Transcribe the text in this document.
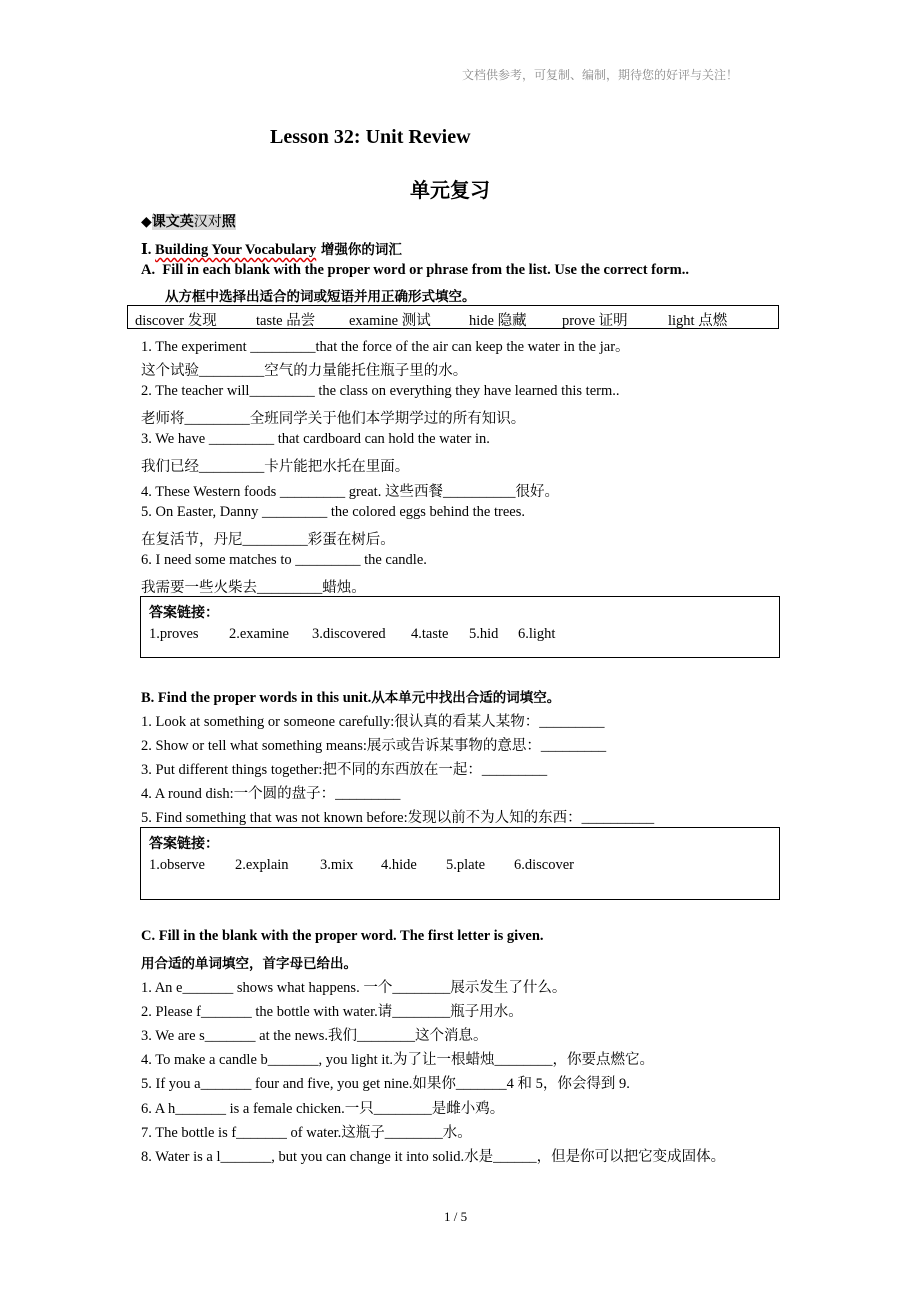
文档供参考，可复制、编制，期待您的好评与关注！
Lesson 32: Unit Review
单元复习
◆课文英汉对照
Ⅰ. Building Your Vocabulary 增强你的词汇
A. Fill in each blank with the proper word or phrase from the list. Use the correct form..
从方框中选择出适合的词或短语并用正确形式填空。
discover 发现	taste 品尝 examine 测试	hide 隐藏 prove 证明	light 点燃
1. The experiment _________that the force of the air can keep the water in the jar。
这个试验_________空气的力量能托住瓶子里的水。
2. The teacher will_________ the class on everything they have learned this term..
老师将_________全班同学关于他们本学期学过的所有知识。
3. We have _________ that cardboard can hold the water in.
我们已经_________卡片能把水托在里面。
4. These Western foods _________ great. 这些西餐__________很好。
5. On Easter, Danny _________ the colored eggs behind the trees.
在复活节，丹尼_________彩蛋在树后。
6. I need some matches to _________ the candle.
我需要一些火柴去_________蜡烛。
答案链接：
1.proves 2.examine 3.discovered 4.taste 5.hid 6.light
B. Find the proper words in this unit.从本单元中找出合适的词填空。
1. Look at something or someone carefully:很认真的看某人某物：_________
2. Show or tell what something means:展示或告诉某事物的意思：_________
3. Put different things together:把不同的东西放在一起：_________
4. A round dish:一个圆的盘子：_________
5. Find something that was not known before:发现以前不为人知的东西：__________
答案链接：
1.observe 2.explain 3.mix 4.hide 5.plate 6.discover
C. Fill in the blank with the proper word. The first letter is given.
用合适的单词填空，首字母已给出。
1. An e_______ shows what happens. 一个________展示发生了什么。
2. Please f_______ the bottle with water.请________瓶子用水。
3. We are s_______ at the news.我们________这个消息。
4. To make a candle b_______, you light it.为了让一根蜡烛________，你要点燃它。
5. If you a_______ four and five, you get nine.如果你_______4 和 5，你会得到 9.
6. A h_______ is a female chicken.一只________是雌小鸡。
7. The bottle is f_______ of water.这瓶子________水。
8. Water is a l_______, but you can change it into solid.水是______，但是你可以把它变成固体。
1 / 5
